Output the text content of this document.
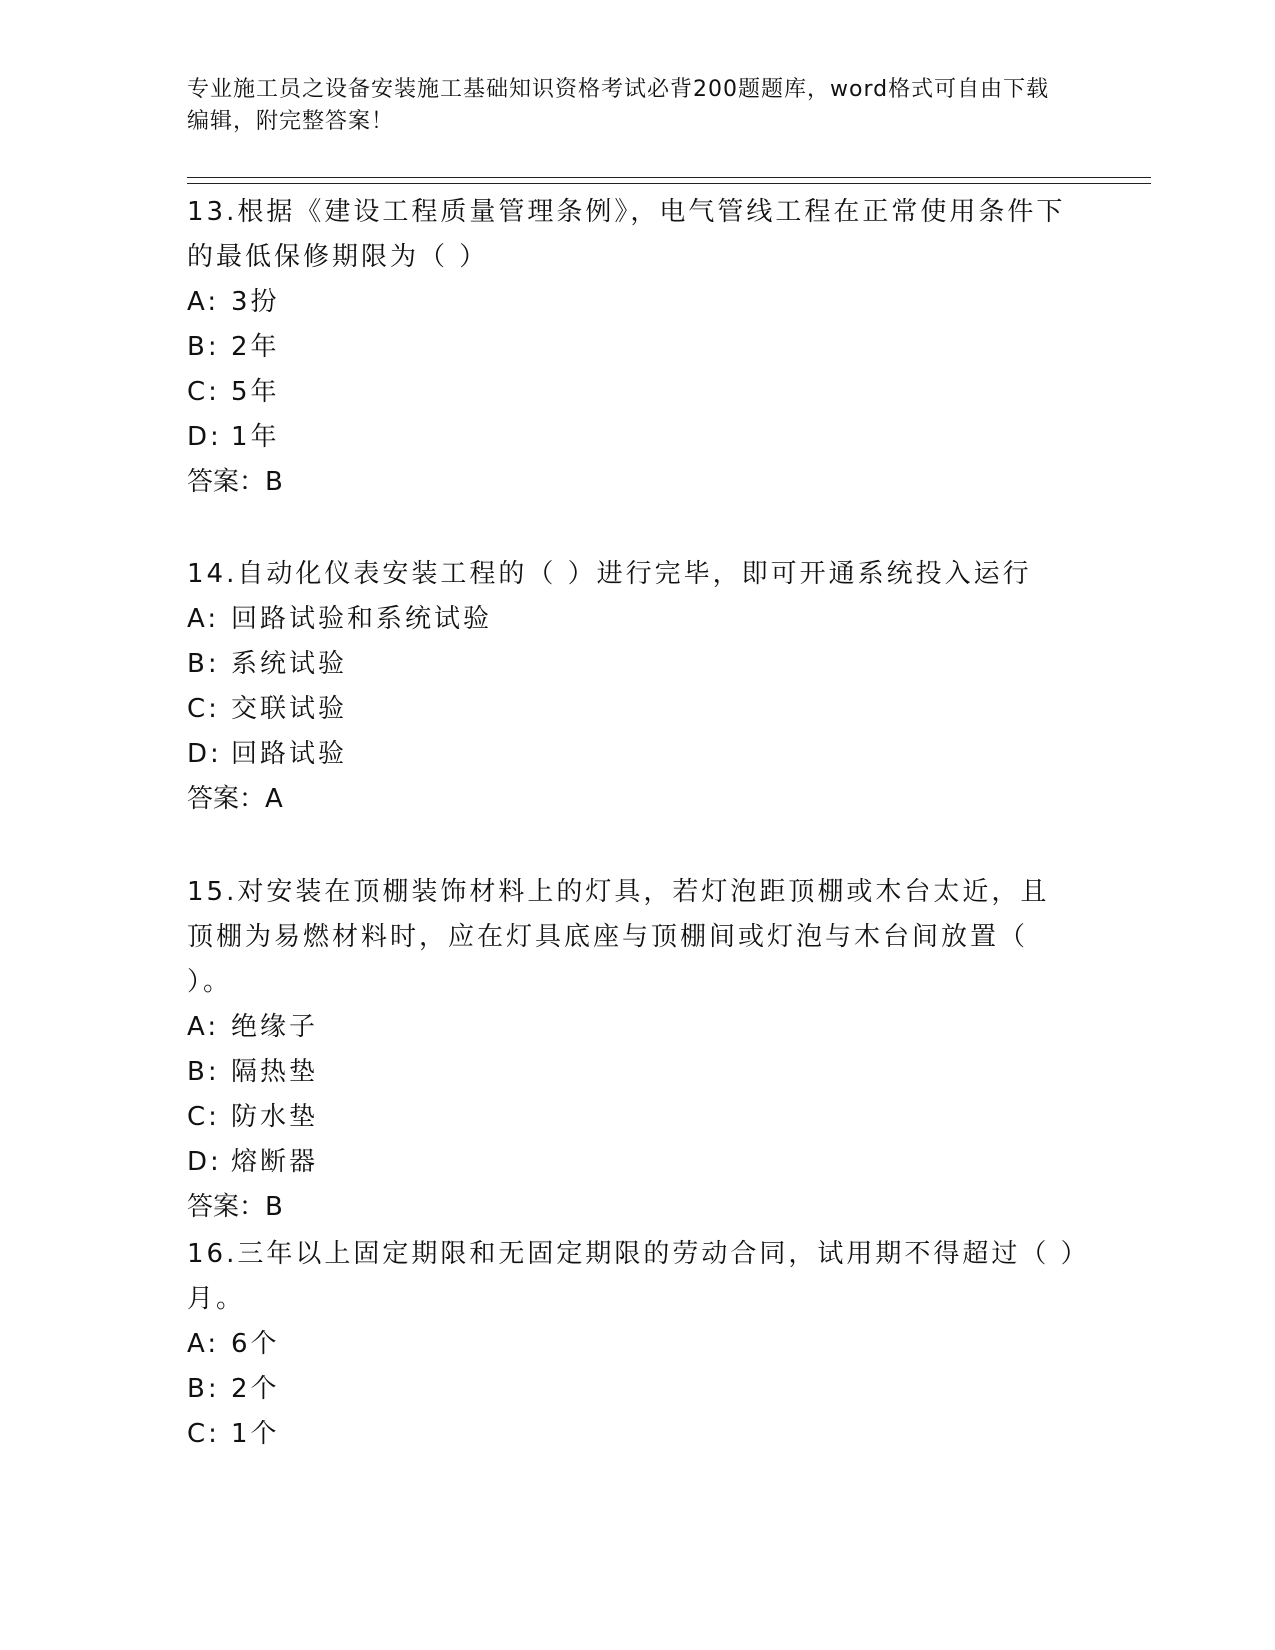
专业施工员之设备安装施工基础知识资格考试必背200题题库，word格式可自由下载编辑，附完整答案！

13.根据《建设工程质量管理条例》，电气管线工程在正常使用条件下的最低保修期限为（ ）

A: 3扮

B: 2年

C: 5年

D: 1年

答案：B

14.自动化仪表安装工程的（ ）进行完毕，即可开通系统投入运行

A: 回路试验和系统试验

B: 系统试验

C: 交联试验

D: 回路试验

答案：A

15.对安装在顶棚装饰材料上的灯具，若灯泡距顶棚或木台太近，且顶棚为易燃材料时，应在灯具底座与顶棚间或灯泡与木台间放置（ ）。

A: 绝缘子

B: 隔热垫

C: 防水垫

D: 熔断器

答案：B

16.三年以上固定期限和无固定期限的劳动合同，试用期不得超过（ ）月。

A: 6个

B: 2个

C: 1个
